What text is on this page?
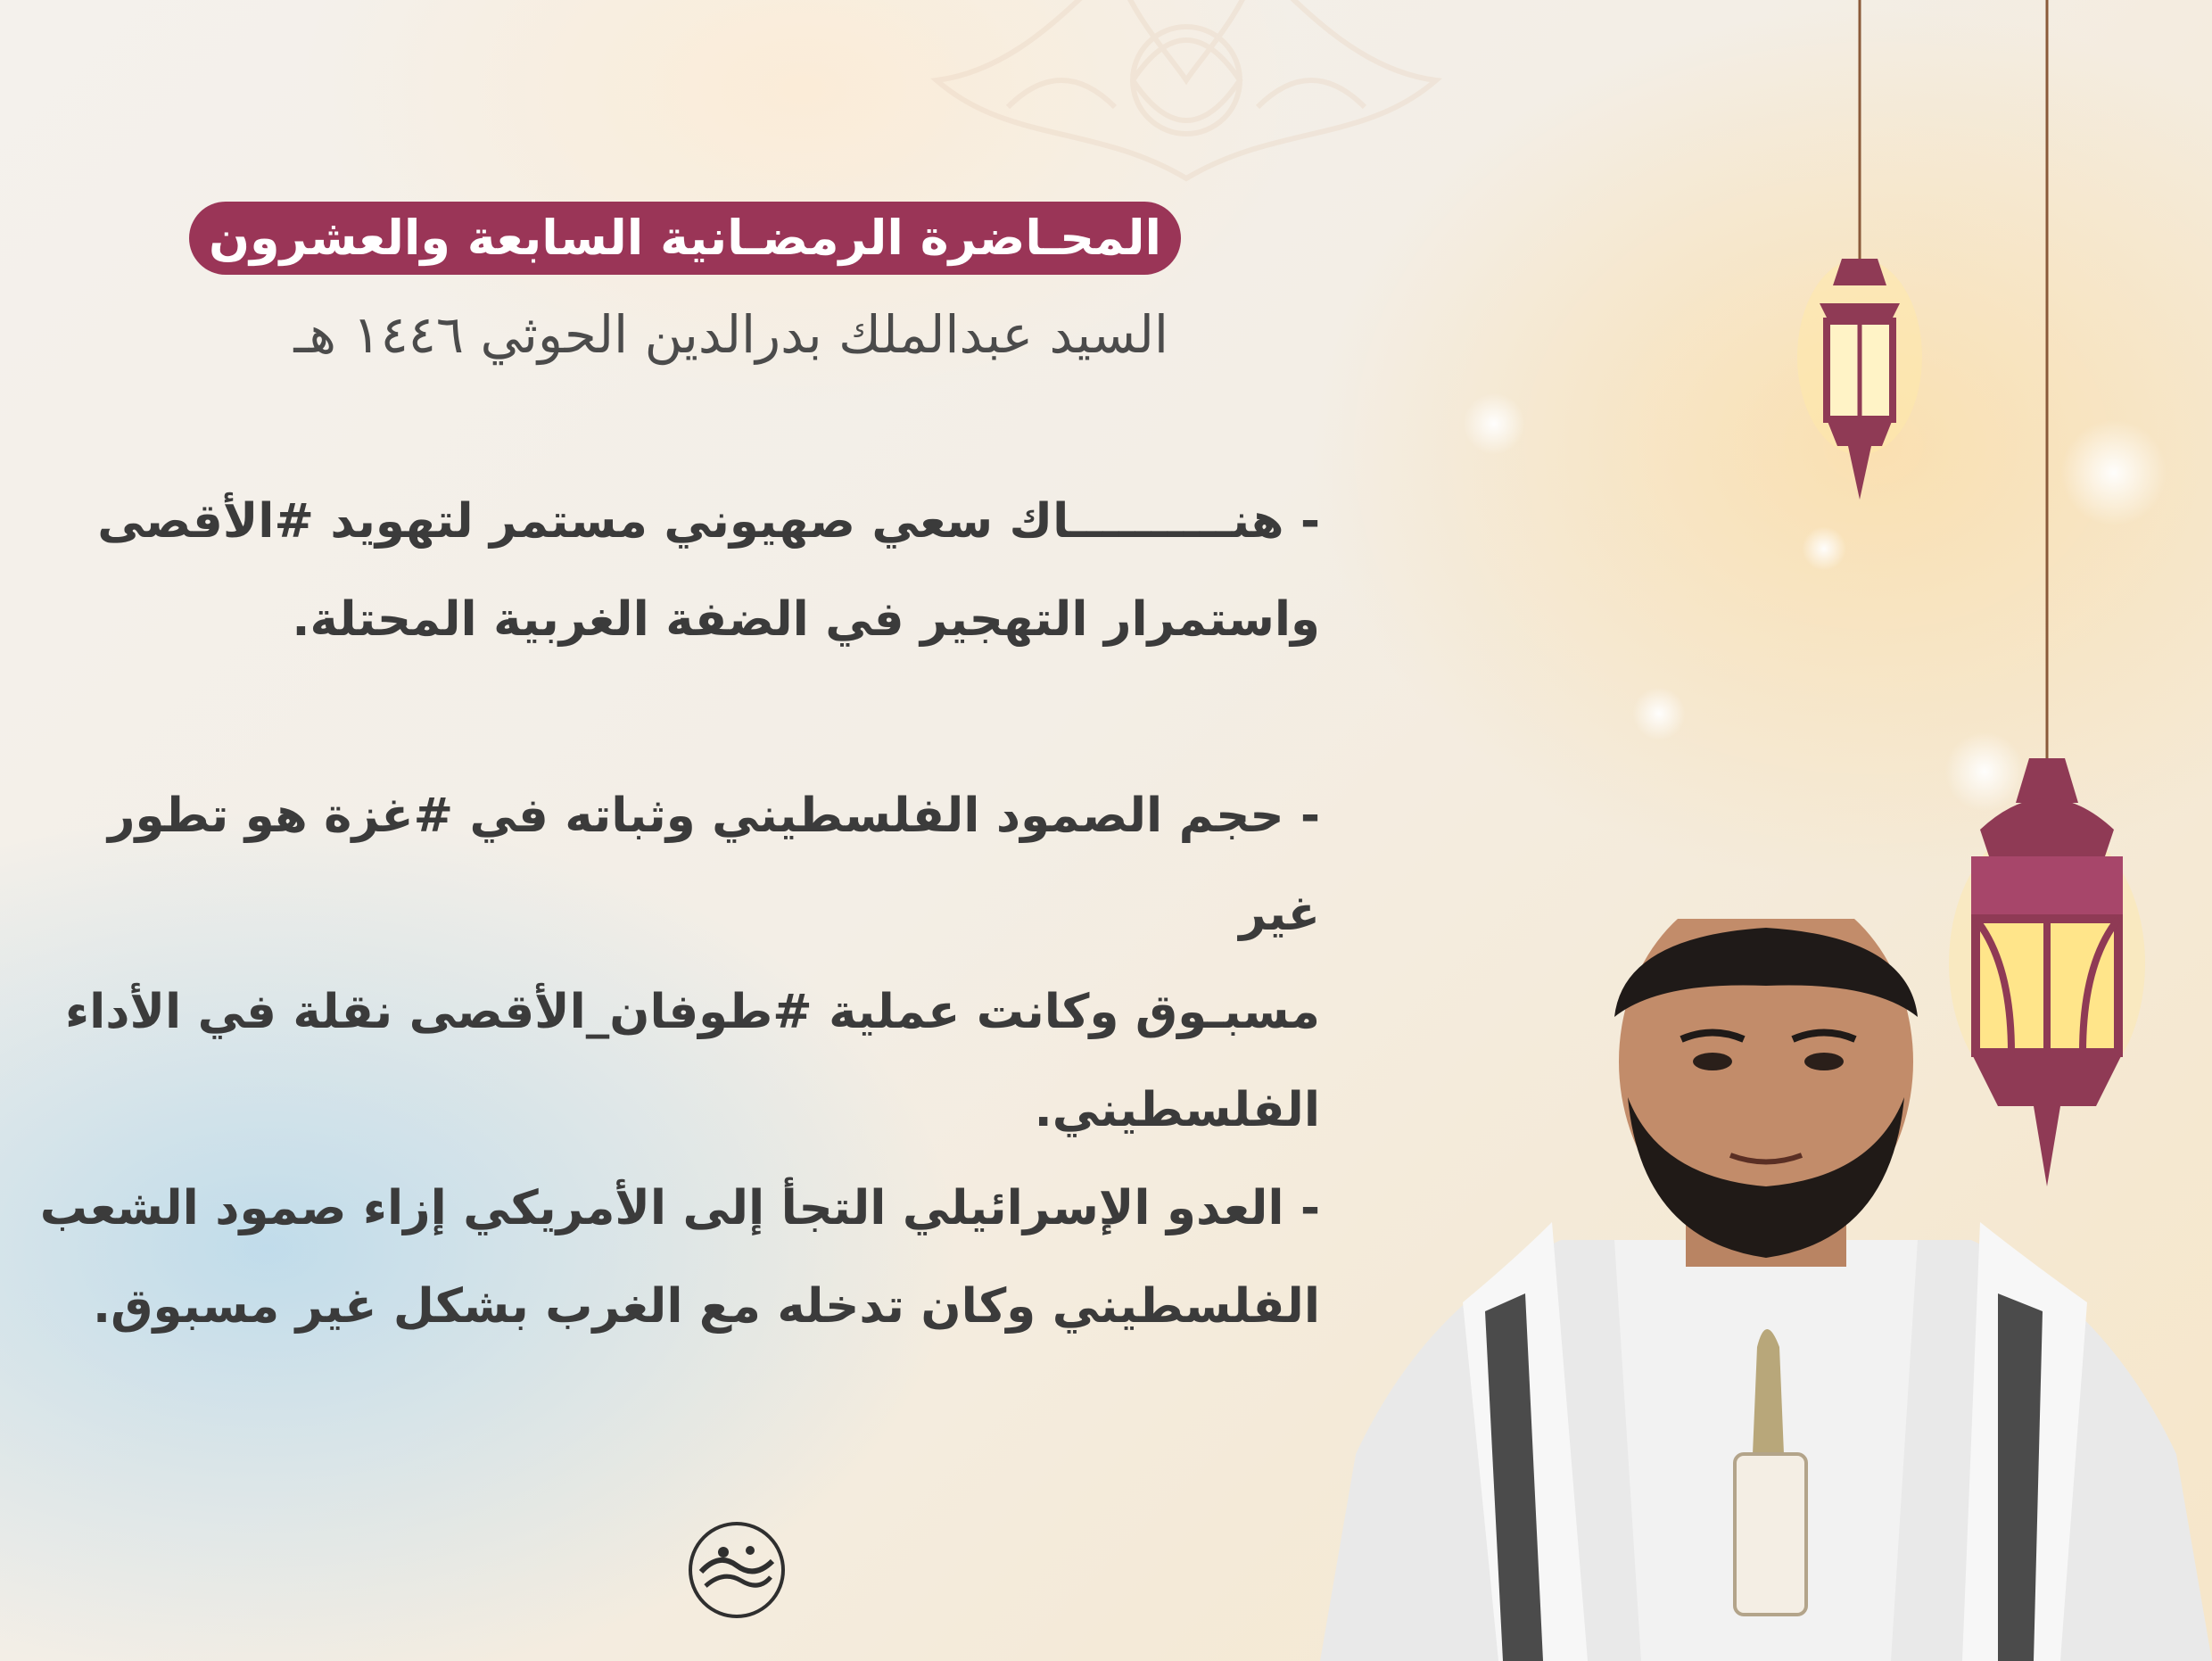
المحـاضرة الرمضـانية السابعة والعشرون
السيد عبدالملك بدرالدين الحوثي ١٤٤٦ هـ
- هنــــــــــاك سعي صهيوني مستمر لتهويد #الأقصى
واستمرار التهجير في الضفة الغربية المحتلة.
- حجم الصمود الفلسطيني وثباته في #غزة هو تطور غير
مسبـوق وكانت عملية #طوفان_الأقصى نقلة في الأداء
الفلسطيني.
- العدو الإسرائيلي التجأ إلى الأمريكي إزاء صمود الشعب
الفلسطيني وكان تدخله مع الغرب بشكل غير مسبوق.
